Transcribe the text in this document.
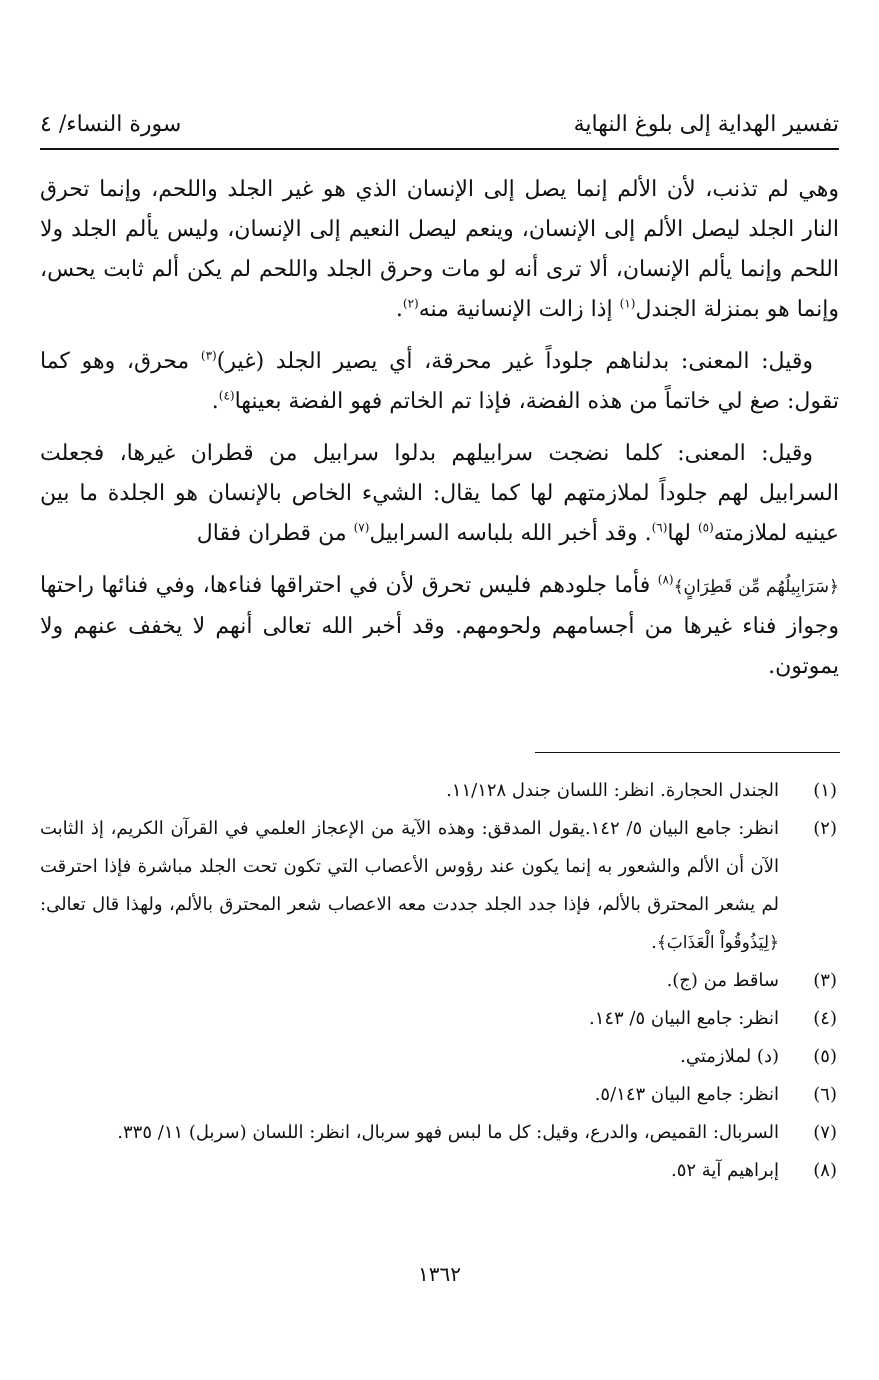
تفسير الهداية إلى بلوغ النهاية
سورة النساء/ ٤

وهي لم تذنب، لأن الألم إنما يصل إلى الإنسان الذي هو غير الجلد واللحم، وإنما تحرق النار الجلد ليصل الألم إلى الإنسان، وينعم ليصل النعيم إلى الإنسان، وليس يألم الجلد ولا اللحم وإنما يألم الإنسان، ألا ترى أنه لو مات وحرق الجلد واللحم لم يكن ألم ثابت يحس، وإنما هو بمنزلة الجندل$^{(١)}$ إذا زالت الإنسانية منه$^{(٢)}$.

وقيل: المعنى: بدلناهم جلوداً غير محرقة، أي يصير الجلد (غير)$^{(٣)}$ محرق، وهو كما تقول: صغ لي خاتماً من هذه الفضة، فإذا تم الخاتم فهو الفضة بعينها$^{(٤)}$.

وقيل: المعنى: كلما نضجت سرابيلهم بدلوا سرابيل من قطران غيرها، فجعلت السرابيل لهم جلوداً لملازمتهم لها كما يقال: الشيء الخاص بالإنسان هو الجلدة ما بين عينيه لملازمته$^{(٥)}$ لها$^{(٦)}$. وقد أخبر الله بلباسه السرابيل$^{(٧)}$ من قطران فقال

﴿سَرَابِيلُهُم مِّن قَطِرَانٍ﴾$^{(٨)}$ فأما جلودهم فليس تحرق لأن في احتراقها فناءها، وفي فنائها راحتها وجواز فناء غيرها من أجسامهم ولحومهم. وقد أخبر الله تعالى أنهم لا يخفف عنهم ولا يموتون.

(١)
الجندل الحجارة. انظر: اللسان جندل ١١/١٢٨.
(٢)
انظر: جامع البيان ٥/ ١٤٢.يقول المدقق: وهذه الآية من الإعجاز العلمي في القرآن الكريم، إذ الثابت الآن أن الألم والشعور به إنما يكون عند رؤوس الأعصاب التي تكون تحت الجلد مباشرة فإذا احترقت لم يشعر المحترق بالألم، فإذا جدد الجلد جددت معه الاعصاب شعر المحترق بالألم، ولهذا قال تعالى: ﴿لِيَذُوقُواْ الْعَذَابَ﴾.
(٣)
ساقط من (ج).
(٤)
انظر: جامع البيان ٥/ ١٤٣.
(٥)
(د) لملازمتي.
(٦)
انظر: جامع البيان ٥/١٤٣.
(٧)
السربال: القميص، والدرع، وقيل: كل ما لبس فهو سربال، انظر: اللسان (سربل) ١١/ ٣٣٥.
(٨)
إبراهيم آية ٥٢.
١٣٦٢
